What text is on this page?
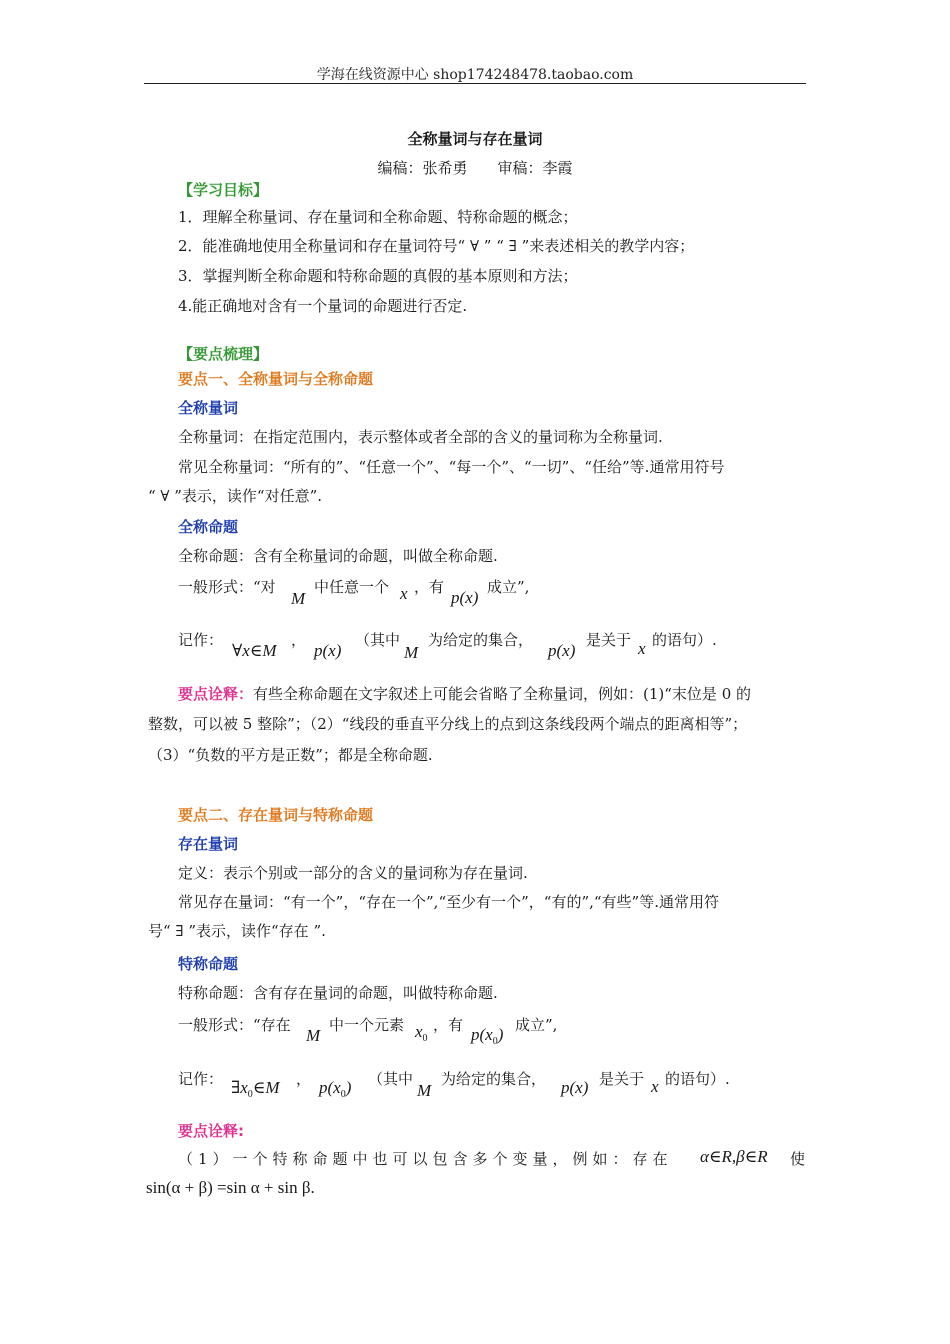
学海在线资源中心 shop174248478.taobao.com
全称量词与存在量词
编稿：张希勇　　审稿：李霞
【学习目标】
1．理解全称量词、存在量词和全称命题、特称命题的概念；
2．能准确地使用全称量词和存在量词符号“ ∀ ” “ ∃ ”来表述相关的教学内容；
3．掌握判断全称命题和特称命题的真假的基本原则和方法；
4.能正确地对含有一个量词的命题进行否定.
【要点梳理】
要点一、全称量词与全称命题
全称量词
全称量词：在指定范围内，表示整体或者全部的含义的量词称为全称量词.
常见全称量词：“所有的”、“任意一个”、“每一个”、“一切”、“任给”等.通常用符号
“ ∀ ”表示，读作“对任意”.
全称命题
全称命题：含有全称量词的命题，叫做全称命题.
一般形式：“对
M
中任意一个 x ，有
p(x)
成立”,
记作：
∀x∈M
，
p(x)
（其中
M
为给定的集合，
p(x)
是关于 x 的语句）.
要点诠释：有些全称命题在文字叙述上可能会省略了全称量词，例如：(1)“末位是 0 的
整数，可以被 5 整除”；（2）“线段的垂直平分线上的点到这条线段两个端点的距离相等”；
（3）“负数的平方是正数”；都是全称命题.
要点二、存在量词与特称命题
存在量词
定义：表示个别或一部分的含义的量词称为存在量词.
常见存在量词：“有一个”，“存在一个”,“至少有一个”，“有的”,“有些”等.通常用符
号“ ∃ ”表示，读作“存在 ”.
特称命题
特称命题：含有存在量词的命题，叫做特称命题.
一般形式：“存在
M
中一个元素 $x_0$
，有 $p(x_0)$ 成立”,
记作： $\exists x_0\in M$ ， $p(x_0)$ （其中
M
为给定的集合， p(x) 是关于 x 的语句）.
要点诠释:
（1）一个特称命题中也可以包含多个变量，例如：存在 α∈R,β∈R 使
sin(α + β) =sin α + sin β.
